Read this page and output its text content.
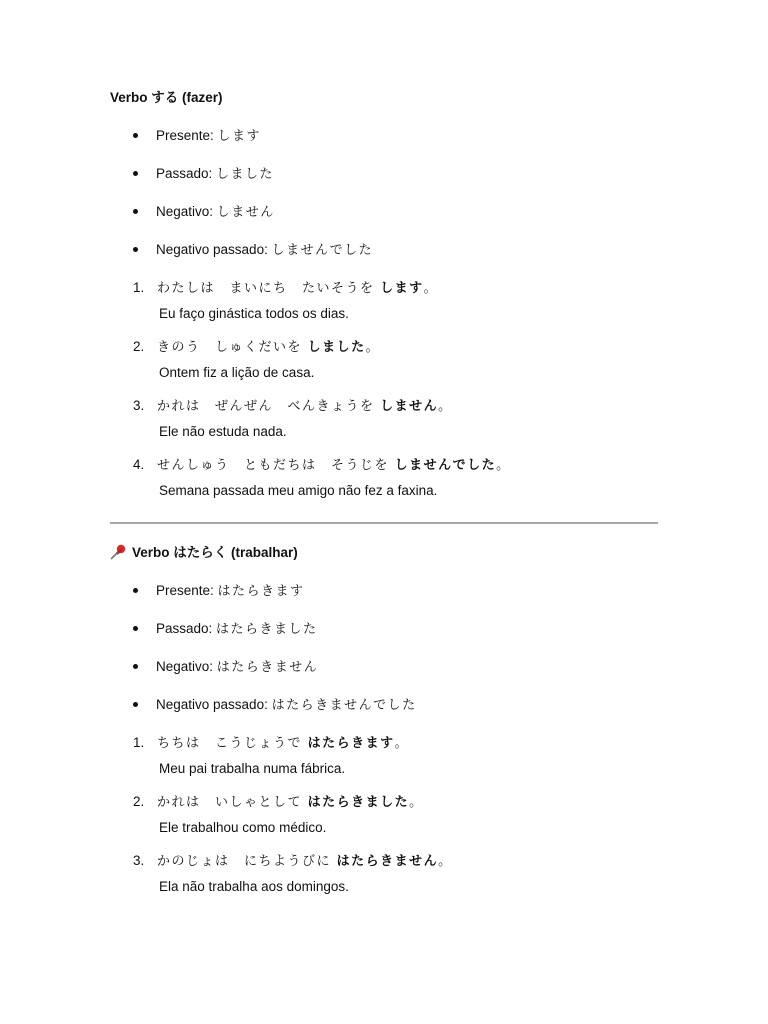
Verbo する (fazer)
Presente: します
Passado: しました
Negativo: しません
Negativo passado: しませんでした
1. わたしは　まいにち　たいそうを します。
Eu faço ginástica todos os dias.
2. きのう　しゅくだいを しました。
Ontem fiz a lição de casa.
3. かれは　ぜんぜん　べんきょうを しません。
Ele não estuda nada.
4. せんしゅう　ともだちは　そうじを しませんでした。
Semana passada meu amigo não fez a faxina.
Verbo はたらく (trabalhar)
Presente: はたらきます
Passado: はたらきました
Negativo: はたらきません
Negativo passado: はたらきませんでした
1. ちちは　こうじょうで はたらきます。
Meu pai trabalha numa fábrica.
2. かれは　いしゃとして はたらきました。
Ele trabalhou como médico.
3. かのじょは　にちようびに はたらきません。
Ela não trabalha aos domingos.
